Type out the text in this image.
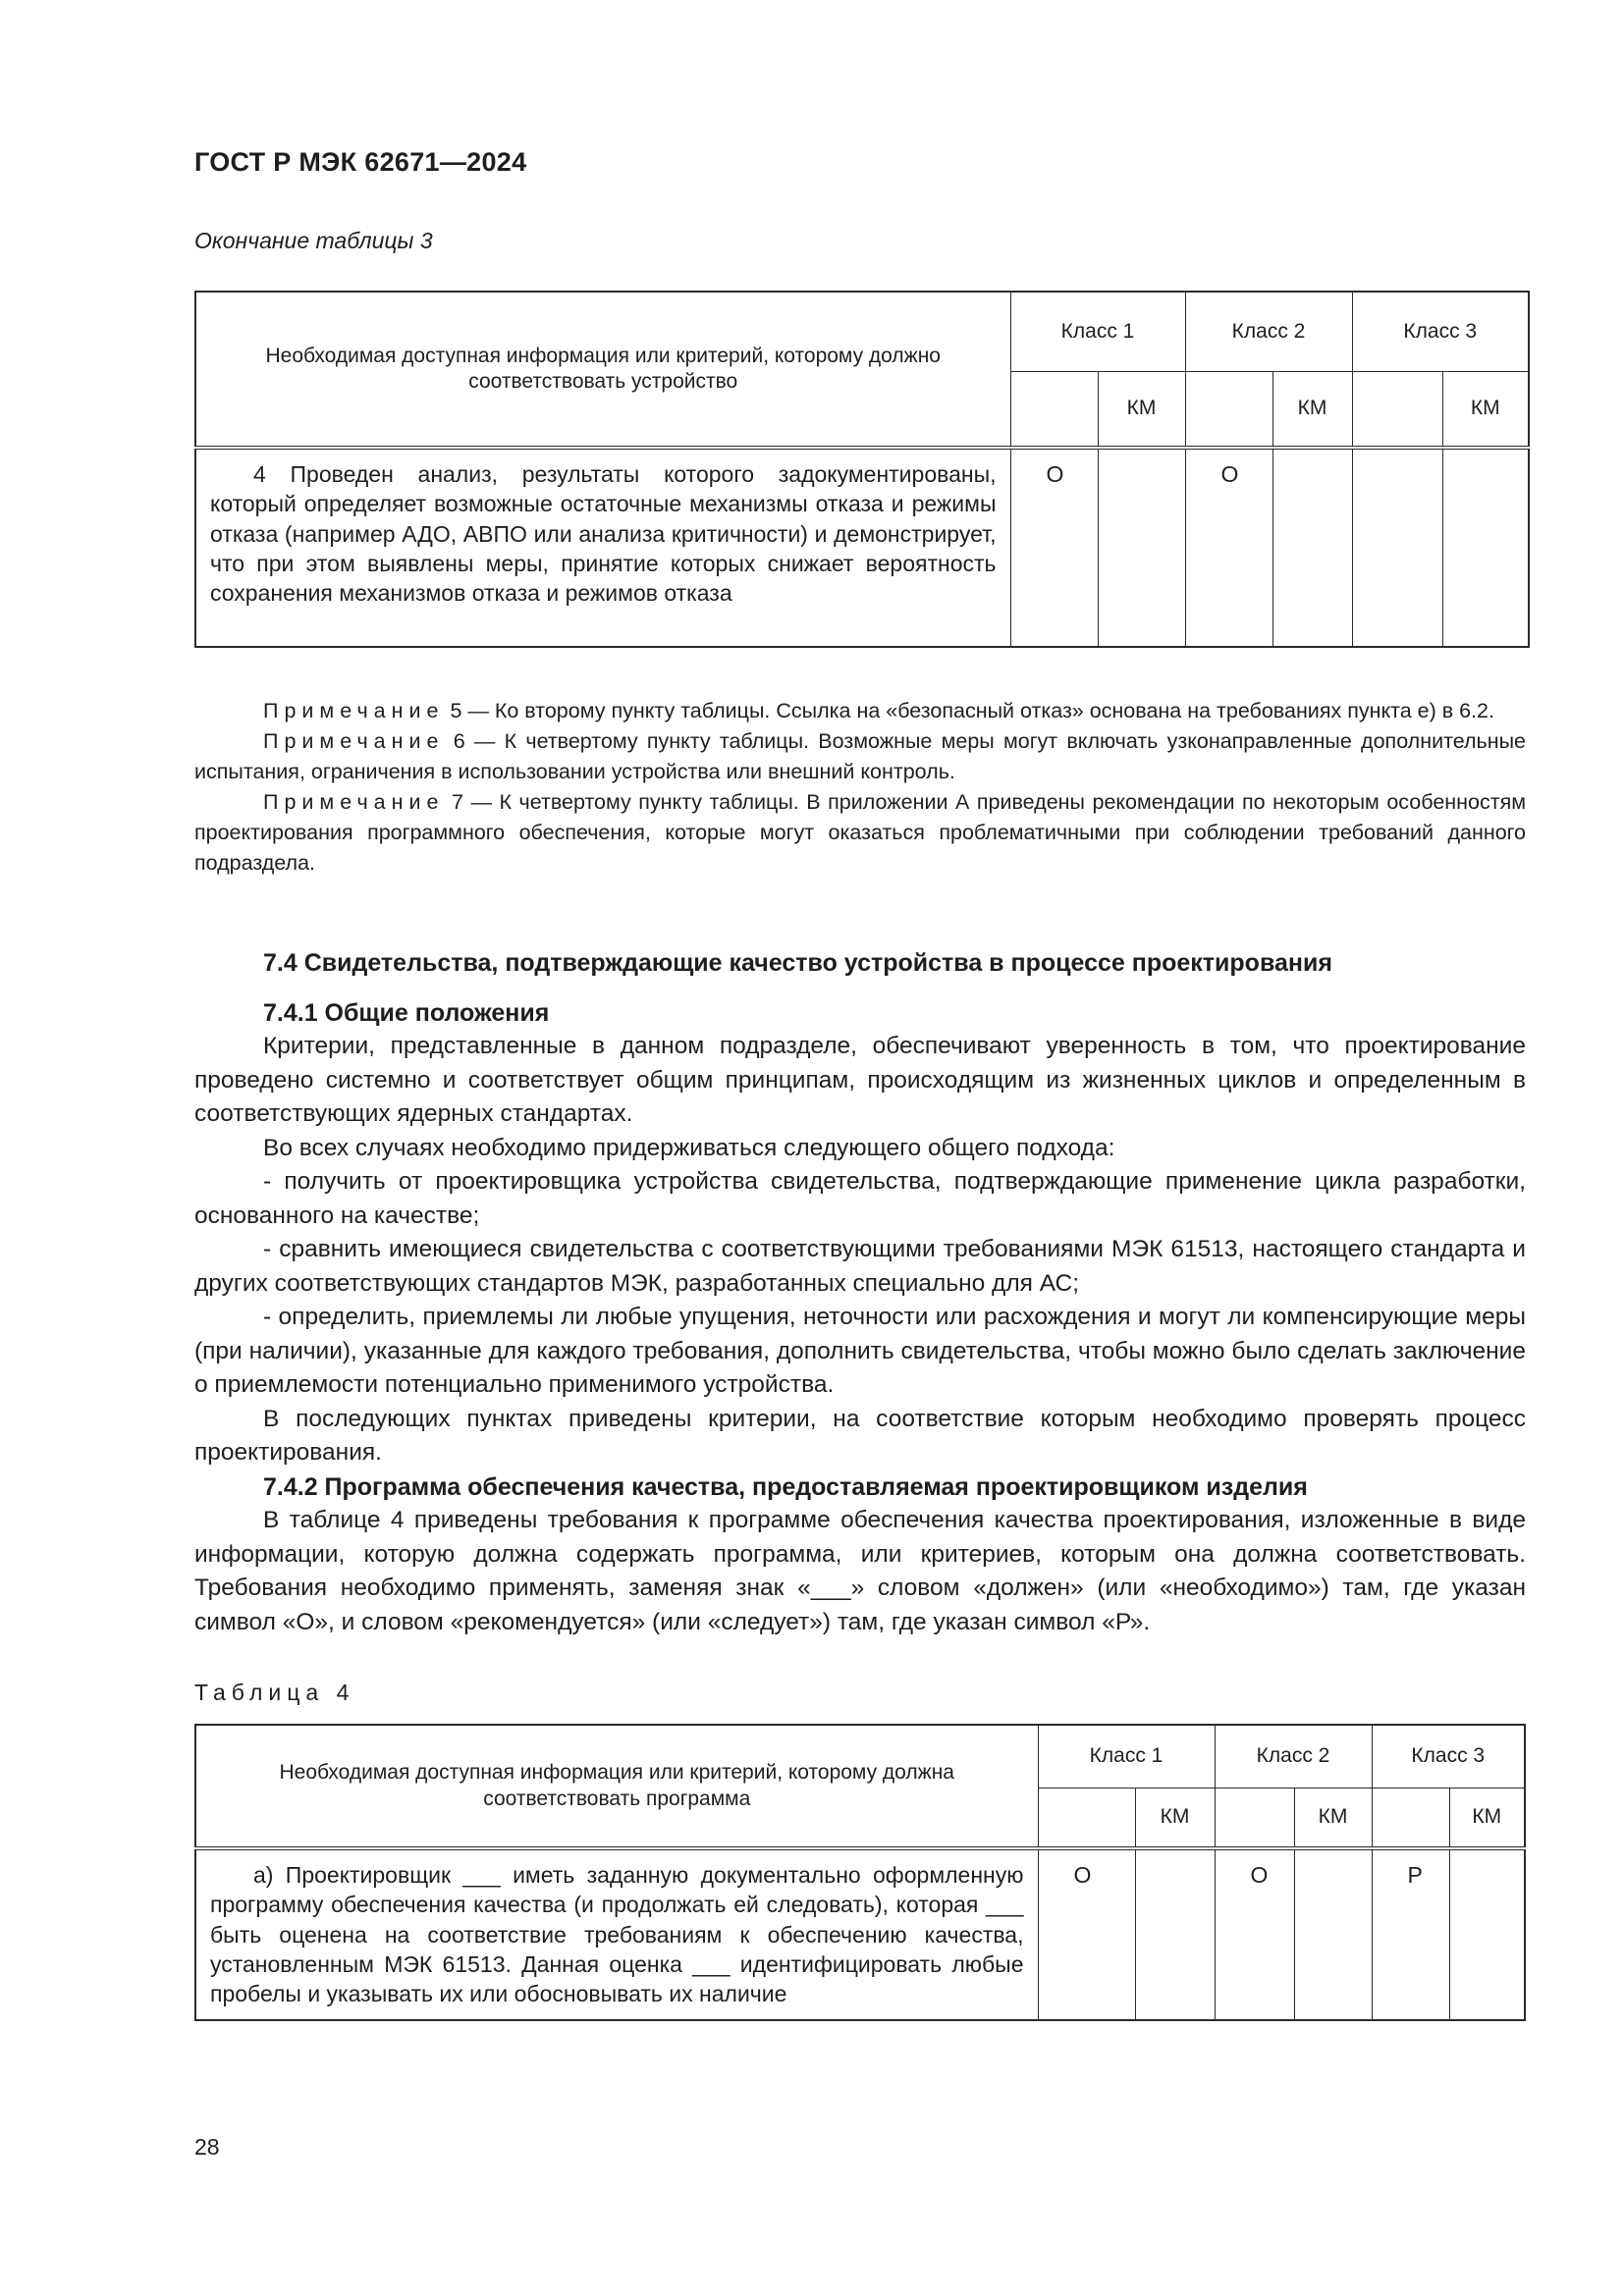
ГОСТ Р МЭК 62671—2024
Окончание таблицы 3
Необходимая доступная информация или критерий, которому должно соответствовать устройство	Класс 1		Класс 2		Класс 3	
		КМ		КМ		КМ
4 Проведен анализ, результаты которого задокументированы, который определяет возможные остаточные механизмы отказа и режимы отказа (например АДО, АВПО или анализа критичности) и демонстрирует, что при этом выявлены меры, принятие которых снижает вероятность сохранения механизмов отказа и режимов отказа	О		О			

Примечание 5 — Ко второму пункту таблицы. Ссылка на «безопасный отказ» основана на требованиях пункта е) в 6.2.

Примечание 6 — К четвертому пункту таблицы. Возможные меры могут включать узконаправленные дополнительные испытания, ограничения в использовании устройства или внешний контроль.

Примечание 7 — К четвертому пункту таблицы. В приложении А приведены рекомендации по некоторым особенностям проектирования программного обеспечения, которые могут оказаться проблематичными при соблюдении требований данного подраздела.

7.4 Свидетельства, подтверждающие качество устройства в процессе проектирования
7.4.1 Общие положения

Критерии, представленные в данном подразделе, обеспечивают уверенность в том, что проектирование проведено системно и соответствует общим принципам, происходящим из жизненных циклов и определенным в соответствующих ядерных стандартах.

Во всех случаях необходимо придерживаться следующего общего подхода:

- получить от проектировщика устройства свидетельства, подтверждающие применение цикла разработки, основанного на качестве;

- сравнить имеющиеся свидетельства с соответствующими требованиями МЭК 61513, настоящего стандарта и других соответствующих стандартов МЭК, разработанных специально для АС;

- определить, приемлемы ли любые упущения, неточности или расхождения и могут ли компенсирующие меры (при наличии), указанные для каждого требования, дополнить свидетельства, чтобы можно было сделать заключение о приемлемости потенциально применимого устройства.

В последующих пунктах приведены критерии, на соответствие которым необходимо проверять процесс проектирования.

7.4.2 Программа обеспечения качества, предоставляемая проектировщиком изделия

В таблице 4 приведены требования к программе обеспечения качества проектирования, изложенные в виде информации, которую должна содержать программа, или критериев, которым она должна соответствовать. Требования необходимо применять, заменяя знак «___» словом «должен» (или «необходимо») там, где указан символ «О», и словом «рекомендуется» (или «следует») там, где указан символ «Р».

Таблица 4
Необходимая доступная информация или критерий, которому должна соответствовать программа	Класс 1		Класс 2		Класс 3	
		КМ		КМ		КМ
а) Проектировщик ___ иметь заданную документально оформленную программу обеспечения качества (и продолжать ей следовать), которая ___ быть оценена на соответствие требованиям к обеспечению качества, установленным МЭК 61513. Данная оценка ___ идентифицировать любые пробелы и указывать их или обосновывать их наличие	О		О		Р	
28
